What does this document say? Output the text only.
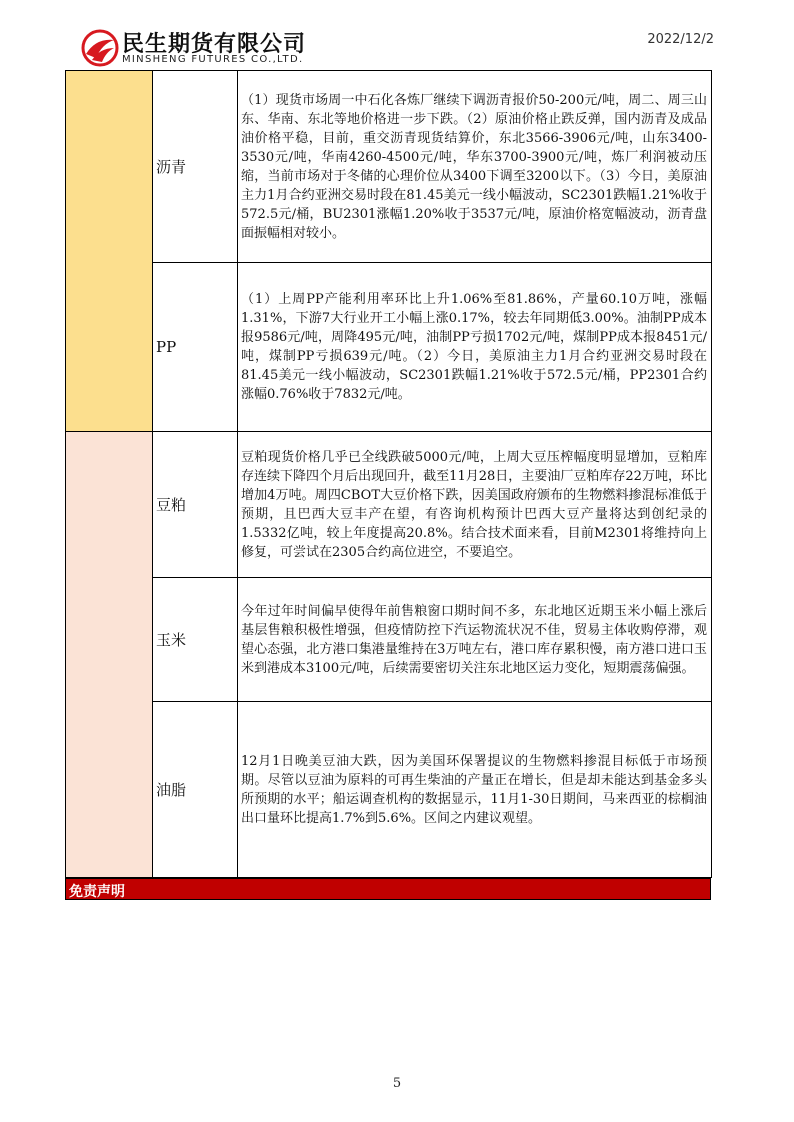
民生期货有限公司
MINSHENG FUTURES CO.,LTD.
2022/12/2
	沥青	（1）现货市场周一中石化各炼厂继续下调沥青报价50-200元/吨，周二、周三山东、华南、东北等地价格进一步下跌。（2）原油价格止跌反弹，国内沥青及成品油价格平稳，目前，重交沥青现货结算价，东北3566-3906元/吨，山东3400-3530元/吨，华南4260-4500元/吨，华东3700-3900元/吨，炼厂利润被动压缩，当前市场对于冬储的心理价位从3400下调至3200以下。（3）今日，美原油主力1月合约亚洲交易时段在81.45美元一线小幅波动，SC2301跌幅1.21%收于572.5元/桶，BU2301涨幅1.20%收于3537元/吨，原油价格宽幅波动，沥青盘面振幅相对较小。

	PP	（1）上周PP产能利用率环比上升1.06%至81.86%，产量60.10万吨，涨幅1.31%，下游7大行业开工小幅上涨0.17%，较去年同期低3.00%。油制PP成本报9586元/吨，周降495元/吨，油制PP亏损1702元/吨，煤制PP成本报8451元/吨，煤制PP亏损639元/吨。（2）今日，美原油主力1月合约亚洲交易时段在81.45美元一线小幅波动，SC2301跌幅1.21%收于572.5元/桶，PP2301合约涨幅0.76%收于7832元/吨。

	豆粕	豆粕现货价格几乎已全线跌破5000元/吨，上周大豆压榨幅度明显增加，豆粕库存连续下降四个月后出现回升，截至11月28日，主要油厂豆粕库存22万吨，环比增加4万吨。周四CBOT大豆价格下跌，因美国政府颁布的生物燃料掺混标准低于预期，且巴西大豆丰产在望，有咨询机构预计巴西大豆产量将达到创纪录的1.5332亿吨，较上年度提高20.8%。结合技术面来看，目前M2301将维持向上修复，可尝试在2305合约高位进空，不要追空。

	玉米	今年过年时间偏早使得年前售粮窗口期时间不多，东北地区近期玉米小幅上涨后基层售粮积极性增强，但疫情防控下汽运物流状况不佳，贸易主体收购停滞，观望心态强，北方港口集港量维持在3万吨左右，港口库存累积慢，南方港口进口玉米到港成本3100元/吨，后续需要密切关注东北地区运力变化，短期震荡偏强。

	油脂	12月1日晚美豆油大跌，因为美国环保署提议的生物燃料掺混目标低于市场预期。尽管以豆油为原料的可再生柴油的产量正在增长，但是却未能达到基金多头所预期的水平；船运调查机构的数据显示，11月1-30日期间，马来西亚的棕榈油出口量环比提高1.7%到5.6%。区间之内建议观望。

免责声明
5
